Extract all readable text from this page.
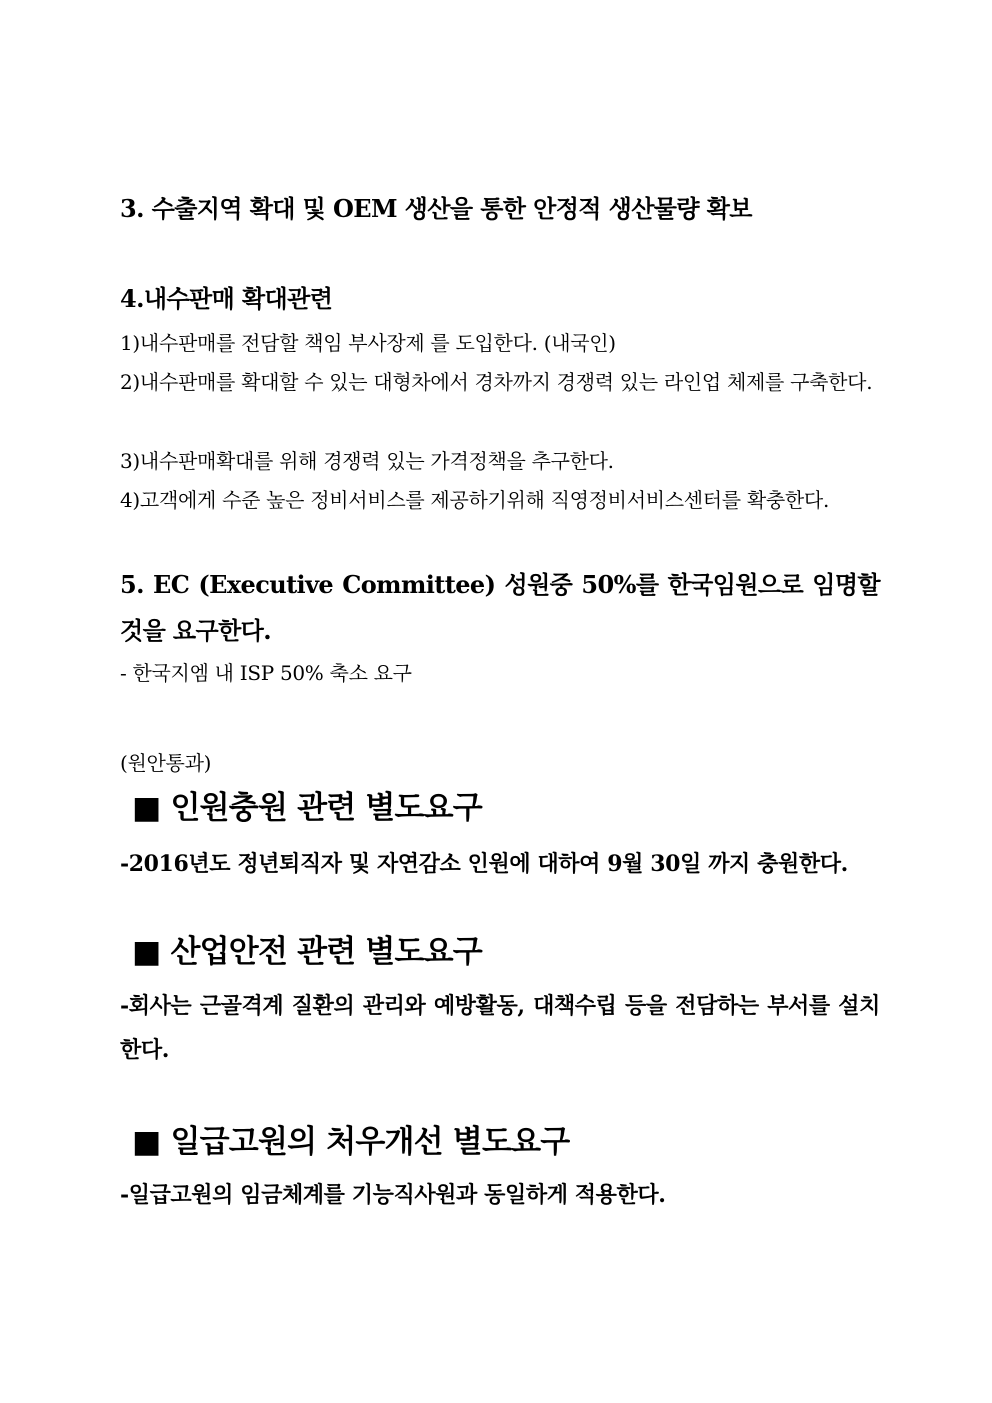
3. 수출지역 확대 및 OEM 생산을 통한 안정적 생산물량 확보

4.내수판매 확대관련

1)내수판매를 전담할 책임 부사장제 를 도입한다. (내국인)

2)내수판매를 확대할 수 있는 대형차에서 경차까지 경쟁력 있는 라인업 체제를 구축한다.

3)내수판매확대를 위해 경쟁력 있는 가격정책을 추구한다.

4)고객에게 수준 높은 정비서비스를 제공하기위해 직영정비서비스센터를 확충한다.

5. EC (Executive Committee) 성원중 50%를 한국임원으로 임명할 것을 요구한다.

- 한국지엠 내 ISP 50% 축소 요구

(원안통과)

■ 인원충원 관련 별도요구

-2016년도 정년퇴직자 및 자연감소 인원에 대하여 9월 30일 까지 충원한다.

■ 산업안전 관련 별도요구

-회사는 근골격계 질환의 관리와 예방활동, 대책수립 등을 전담하는 부서를 설치한다.

■ 일급고원의 처우개선 별도요구

-일급고원의 임금체계를 기능직사원과 동일하게 적용한다.
